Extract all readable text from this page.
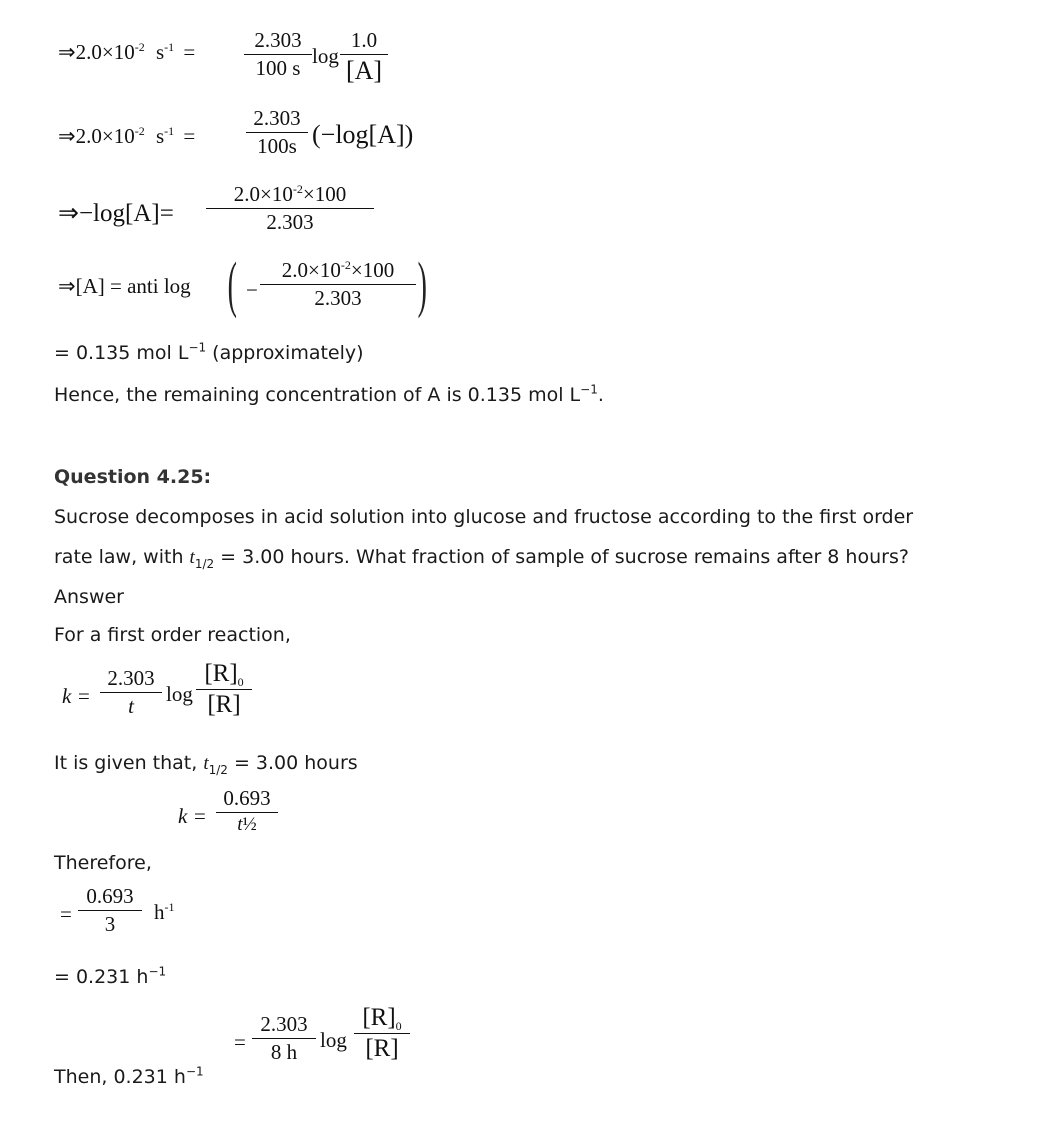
$\Rightarrow 2.0\times 10^{-2}$ $s^{-1}$ =	2.303
100 s log
1.0
[A]
$\Rightarrow 2.0\times 10^{-2}$ $s^{-1}$ =
2.303
100s (−log[A])
⇒−log[A]=
$2.0\times 10^{-2}\times 100$
2.303
⇒[A] = anti log ( −
$2.0\times 10^{-2}\times 100$
2.303 )
= 0.135 mol $L^{-1}$ (approximately)
Hence, the remaining concentration of A is 0.135 mol $L^{-1}$.
Question 4.25:
Sucrose decomposes in acid solution into glucose and fructose according to the first order
rate law, with $t_{1/2} = 3.00$ hours. What fraction of sample of sucrose remains after 8 hours?
Answer
For a first order reaction,
k =
2.303
t	log
$[R]_0$
[R]
It is given that, $t_{1/2} = 3.00$ hours
k =
0.693
t½
Therefore,
=
0.693
3	$h^{-1}$
= 0.231 $h^{-1}$
=
2.303
8 h	log
$[R]_0$
[R]
Then, 0.231 $h^{-1}$
